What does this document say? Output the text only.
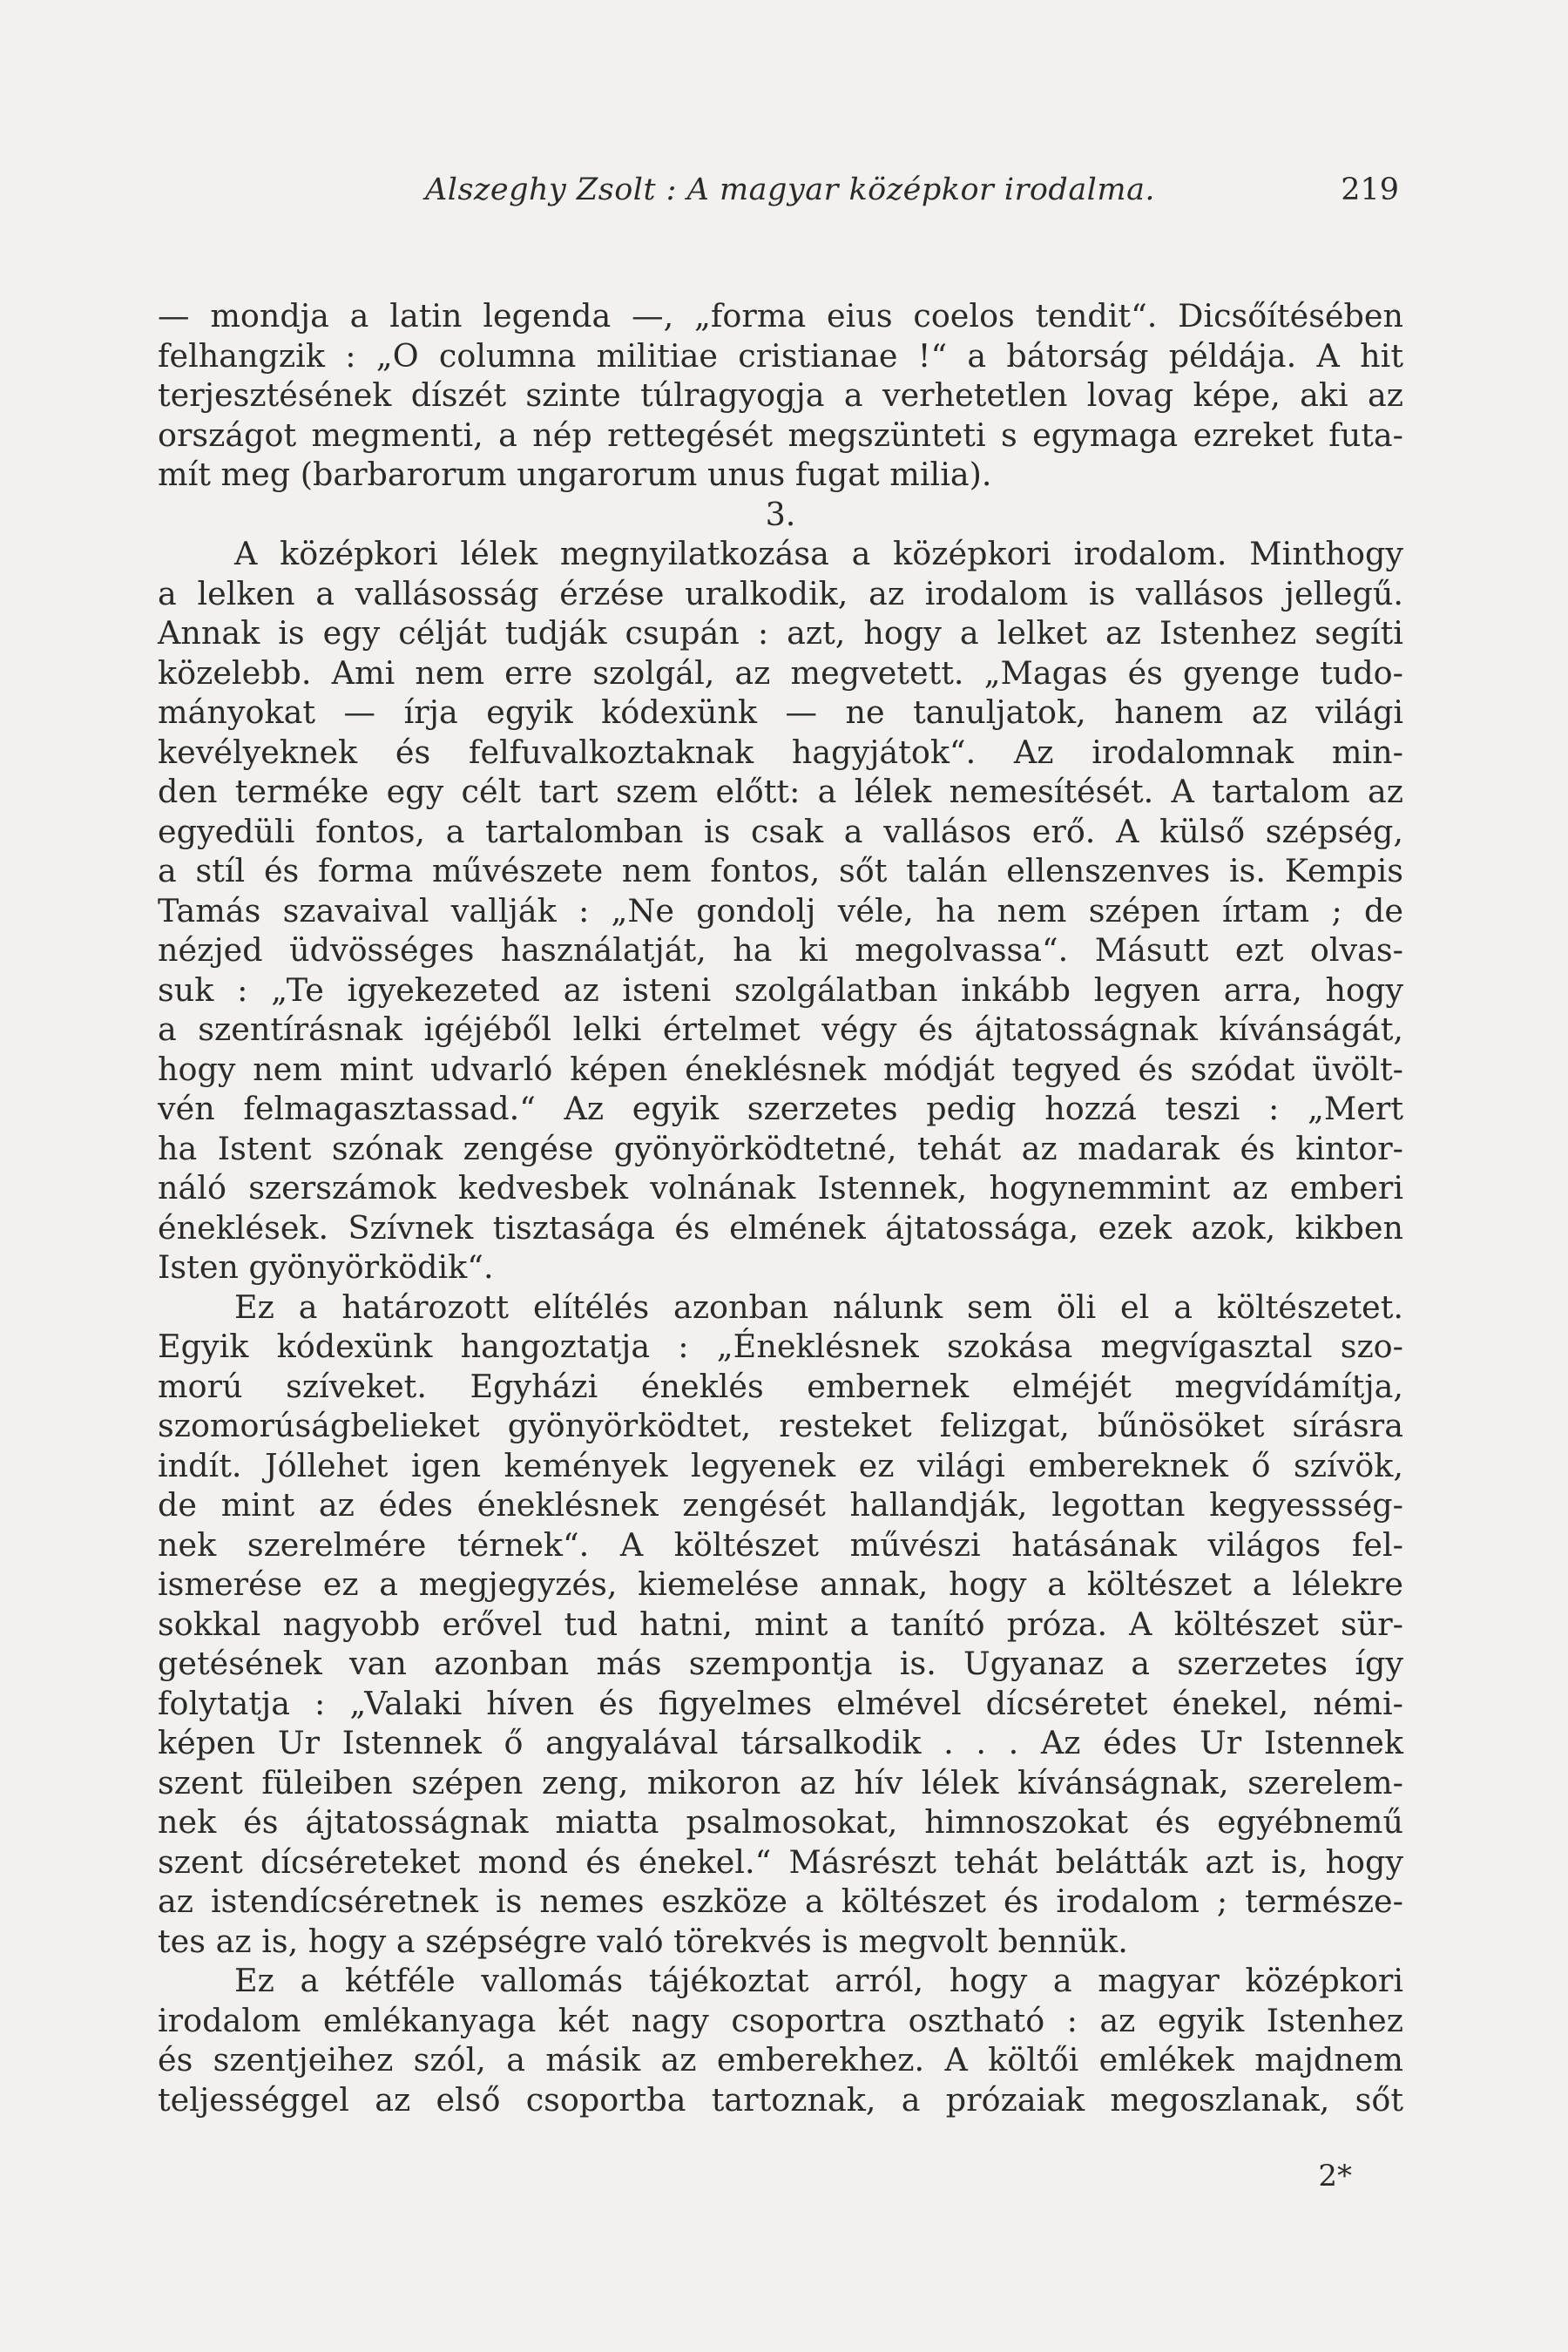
Alszeghy Zsolt : A magyar középkor irodalma.	219

— mondja a latin legenda —, „forma eius coelos tendit“. Dicsőítésében

felhangzik : „O columna militiae cristianae !“ a bátorság példája. A hit

terjesztésének díszét szinte túlragyogja a verhetetlen lovag képe, aki az

országot megmenti, a nép rettegését megszünteti s egymaga ezreket futa-

mít meg (barbarorum ungarorum unus fugat milia).

3.

A középkori lélek megnyilatkozása a középkori irodalom. Minthogy

a lelken a vallásosság érzése uralkodik, az irodalom is vallásos jellegű.

Annak is egy célját tudják csupán : azt, hogy a lelket az Istenhez segíti

közelebb. Ami nem erre szolgál, az megvetett. „Magas és gyenge tudo-

mányokat — írja egyik kódexünk — ne tanuljatok, hanem az világi

kevélyeknek és felfuvalkoztaknak hagyjátok“. Az irodalomnak min-

den terméke egy célt tart szem előtt: a lélek nemesítését. A tartalom az

egyedüli fontos, a tartalomban is csak a vallásos erő. A külső szépség,

a stíl és forma művészete nem fontos, sőt talán ellenszenves is. Kempis

Tamás szavaival vallják : „Ne gondolj véle, ha nem szépen írtam ; de

nézjed üdvösséges használatját, ha ki megolvassa“. Másutt ezt olvas-

suk : „Te igyekezeted az isteni szolgálatban inkább legyen arra, hogy

a szentírásnak igéjéből lelki értelmet végy és ájtatosságnak kívánságát,

hogy nem mint udvarló képen éneklésnek módját tegyed és szódat üvölt-

vén felmagasztassad.“ Az egyik szerzetes pedig hozzá teszi : „Mert

ha Istent szónak zengése gyönyörködtetné, tehát az madarak és kintor-

náló szerszámok kedvesbek volnának Istennek, hogynemmint az emberi

éneklések. Szívnek tisztasága és elmének ájtatossága, ezek azok, kikben

Isten gyönyörködik“.

Ez a határozott elítélés azonban nálunk sem öli el a költészetet.

Egyik kódexünk hangoztatja : „Éneklésnek szokása megvígasztal szo-

morú szíveket. Egyházi éneklés embernek elméjét megvídámítja,

szomorúságbelieket gyönyörködtet, resteket felizgat, bűnösöket sírásra

indít. Jóllehet igen kemények legyenek ez világi embereknek ő szívök,

de mint az édes éneklésnek zengését hallandják, legottan kegyessség-

nek szerelmére térnek“. A költészet művészi hatásának világos fel-

ismerése ez a megjegyzés, kiemelése annak, hogy a költészet a lélekre

sokkal nagyobb erővel tud hatni, mint a tanító próza. A költészet sür-

getésének van azonban más szempontja is. Ugyanaz a szerzetes így

folytatja : „Valaki híven és figyelmes elmével dícséretet énekel, némi-

képen Ur Istennek ő angyalával társalkodik . . . Az édes Ur Istennek

szent füleiben szépen zeng, mikoron az hív lélek kívánságnak, szerelem-

nek és ájtatosságnak miatta psalmosokat, himnoszokat és egyébnemű

szent dícséreteket mond és énekel.“ Másrészt tehát belátták azt is, hogy

az istendícséretnek is nemes eszköze a költészet és irodalom ; természe-

tes az is, hogy a szépségre való törekvés is megvolt bennük.

Ez a kétféle vallomás tájékoztat arról, hogy a magyar középkori

irodalom emlékanyaga két nagy csoportra osztható : az egyik Istenhez

és szentjeihez szól, a másik az emberekhez. A költői emlékek majdnem

teljességgel az első csoportba tartoznak, a prózaiak megoszlanak, sőt

2*
